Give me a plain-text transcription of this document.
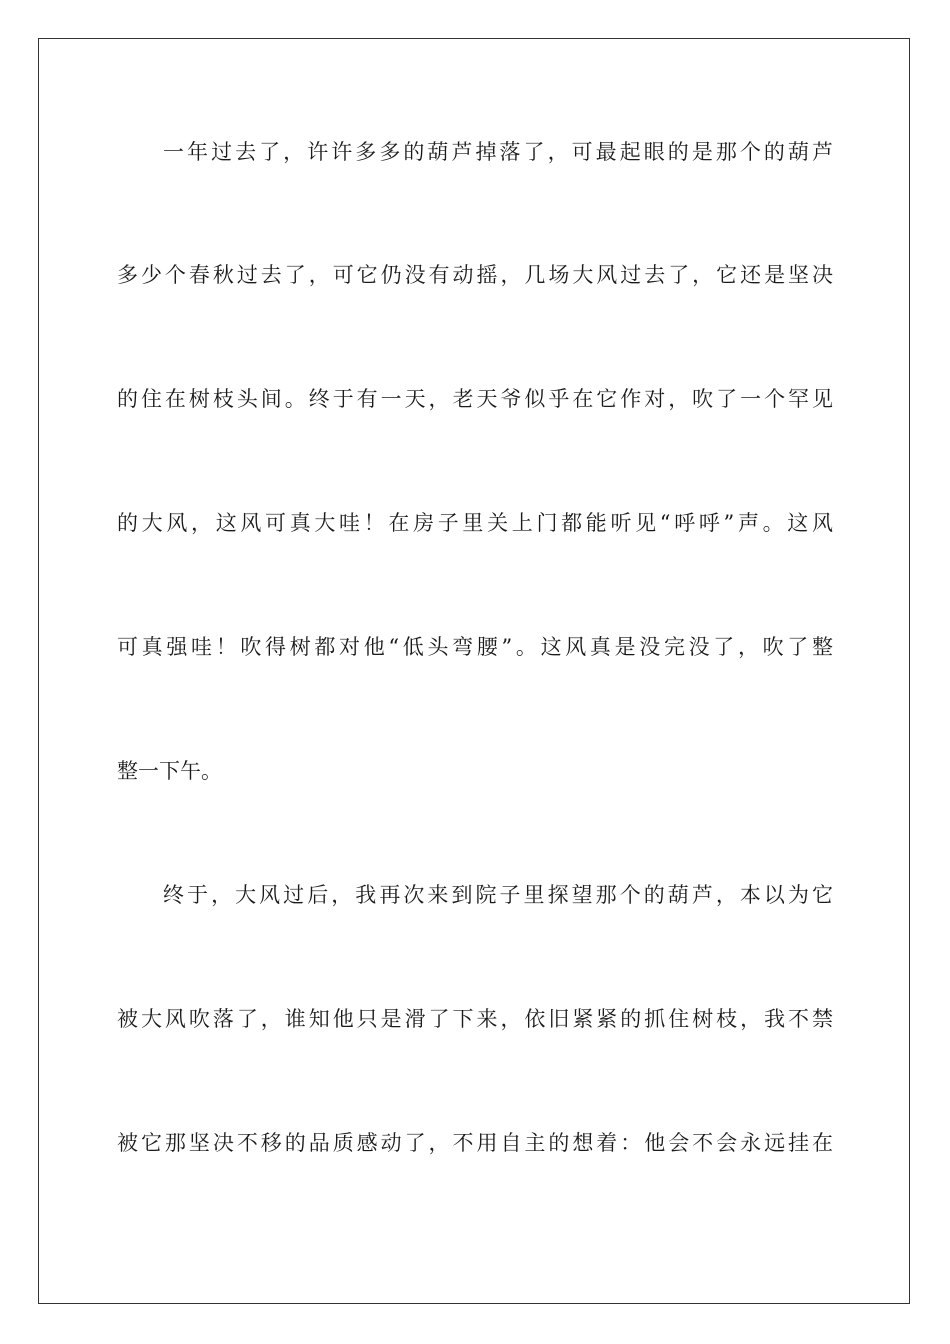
一年过去了，许许多多的葫芦掉落了，可最起眼的是那个的葫芦

多少个春秋过去了，可它仍没有动摇，几场大风过去了，它还是坚决

的住在树枝头间。终于有一天，老天爷似乎在它作对，吹了一个罕见

的大风，这风可真大哇！在房子里关上门都能听见“呼呼”声。这风

可真强哇！吹得树都对他“低头弯腰”。这风真是没完没了，吹了整

整一下午。

终于，大风过后，我再次来到院子里探望那个的葫芦，本以为它

被大风吹落了，谁知他只是滑了下来，依旧紧紧的抓住树枝，我不禁

被它那坚决不移的品质感动了，不用自主的想着：他会不会永远挂在
